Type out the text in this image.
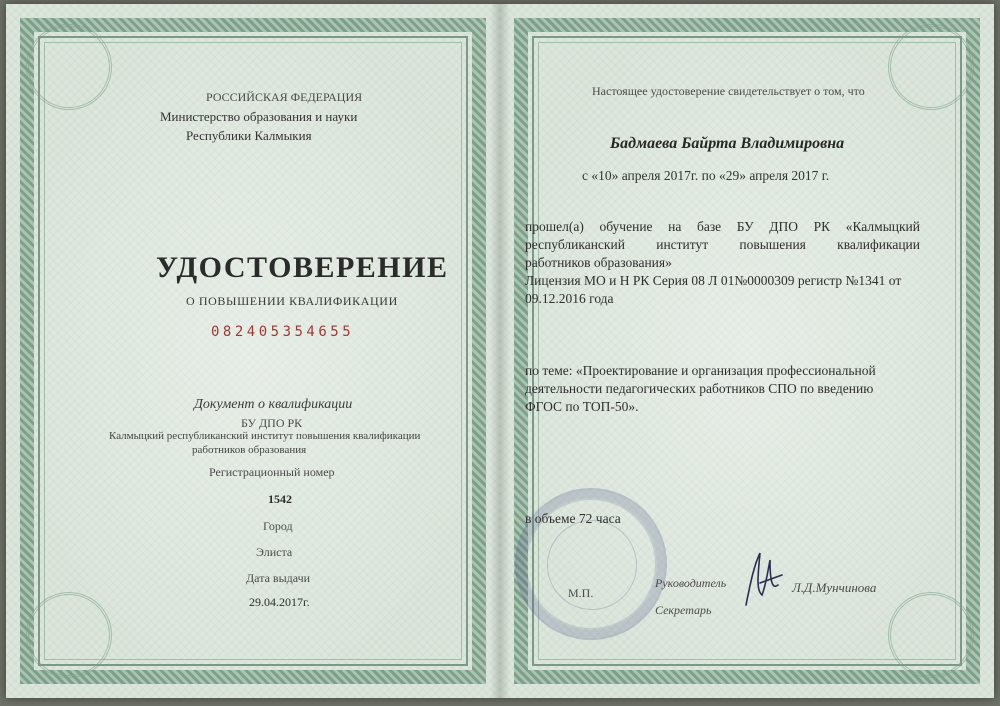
РОССИЙСКАЯ ФЕДЕРАЦИЯ
Министерство образования и науки
Республики Калмыкия
УДОСТОВЕРЕНИЕ
О ПОВЫШЕНИИ КВАЛИФИКАЦИИ
082405354655
Документ о квалификации
БУ ДПО РК
Калмыцкий республиканский институт повышения квалификации
работников образования
Регистрационный номер
1542
Город
Элиста
Дата выдачи
29.04.2017г.
Настоящее удостоверение свидетельствует о том, что
Бадмаева Байрта Владимировна
с «10» апреля 2017г. по «29» апреля 2017 г.
прошел(а) обучение на базе БУ ДПО РК «Калмыцкий
республиканский институт повышения квалификации
работников образования»
Лицензия МО и Н РК Серия 08 Л 01№0000309 регистр №1341 от
09.12.2016 года
по теме: «Проектирование и организация профессиональной
деятельности педагогических работников СПО по введению
ФГОС по ТОП-50».
в объеме 72 часа
М.П.
Руководитель
Секретарь
Л.Д.Мунчинова
